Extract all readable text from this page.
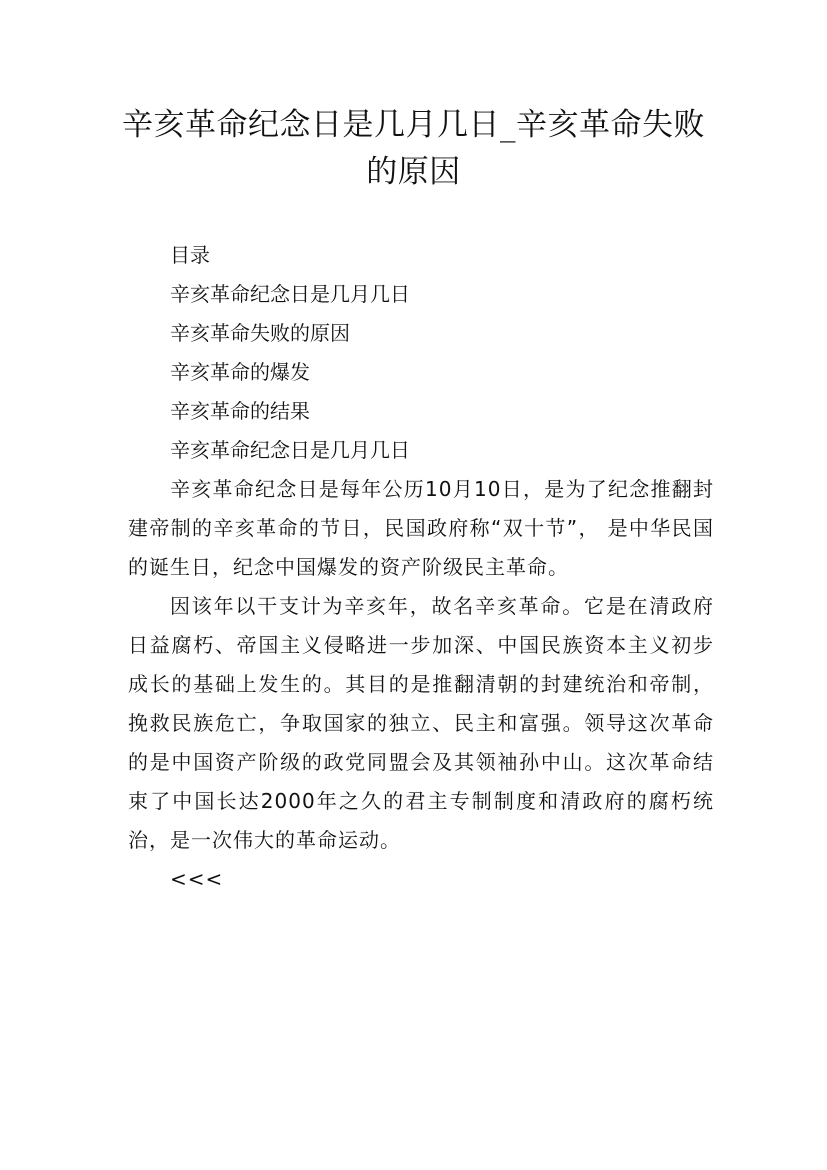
辛亥革命纪念日是几月几日_辛亥革命失败的原因
目录
辛亥革命纪念日是几月几日
辛亥革命失败的原因
辛亥革命的爆发
辛亥革命的结果
辛亥革命纪念日是几月几日

辛亥革命纪念日是每年公历10月10日，是为了纪念推翻封建帝制的辛亥革命的节日，民国政府称“双十节”， 是中华民国的诞生日，纪念中国爆发的资产阶级民主革命。

因该年以干支计为辛亥年，故名辛亥革命。它是在清政府日益腐朽、帝国主义侵略进一步加深、中国民族资本主义初步成长的基础上发生的。其目的是推翻清朝的封建统治和帝制，挽救民族危亡，争取国家的独立、民主和富强。领导这次革命的是中国资产阶级的政党同盟会及其领袖孙中山。这次革命结束了中国长达2000年之久的君主专制制度和清政府的腐朽统治，是一次伟大的革命运动。

<<<
